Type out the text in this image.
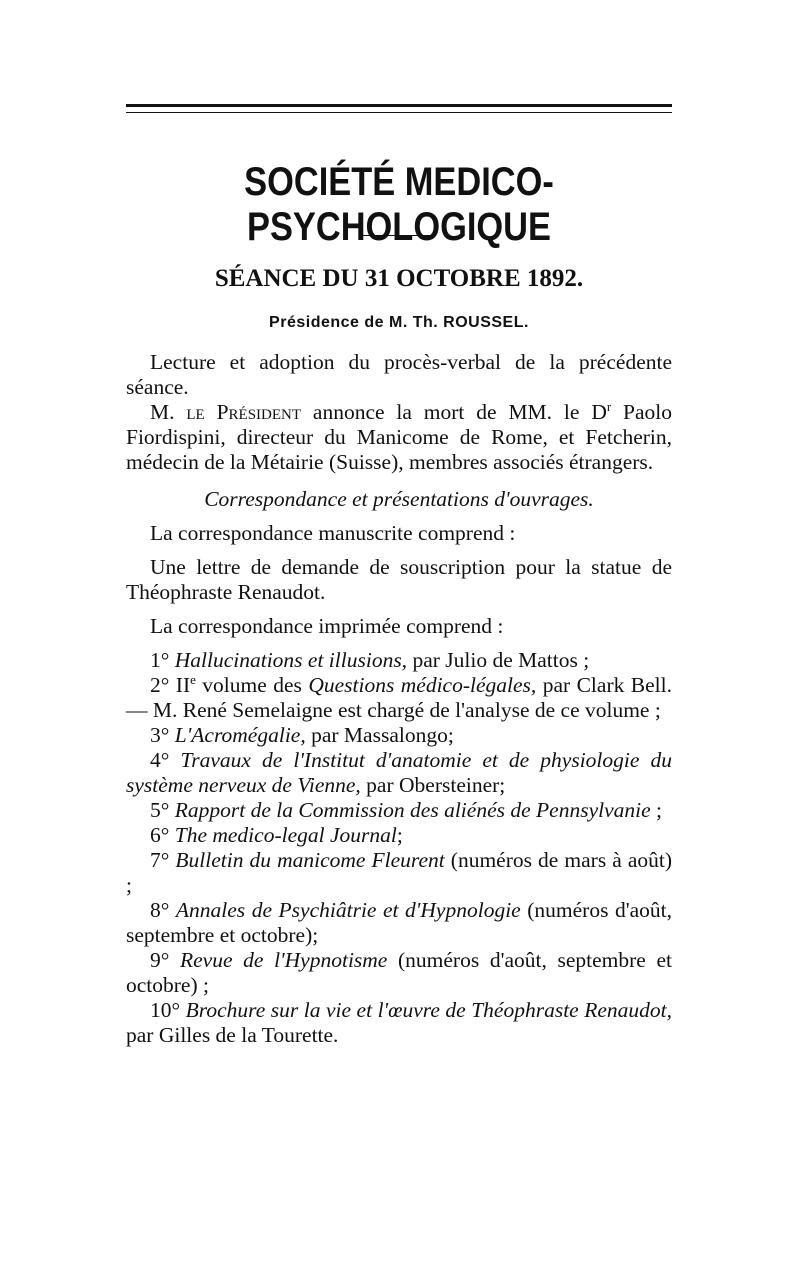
SOCIÉTÉ MEDICO-PSYCHOLOGIQUE
SÉANCE DU 31 OCTOBRE 1892.
Présidence de M. Th. ROUSSEL.

Lecture et adoption du procès-verbal de la précédente séance.

M. le Président annonce la mort de MM. le $D^r$ Paolo Fiordispini, directeur du Manicome de Rome, et Fetcherin, médecin de la Métairie (Suisse), membres associés étrangers.

Correspondance et présentations d'ouvrages.

La correspondance manuscrite comprend :

Une lettre de demande de souscription pour la statue de Théophraste Renaudot.

La correspondance imprimée comprend :

1° Hallucinations et illusions, par Julio de Mattos ;

2° IIe volume des Questions médico-légales, par Clark Bell. — M. René Semelaigne est chargé de l'analyse de ce volume ;

3° L'Acromégalie, par Massalongo;

4° Travaux de l'Institut d'anatomie et de physiologie du système nerveux de Vienne, par Obersteiner;

5° Rapport de la Commission des aliénés de Pennsylvanie ;

6° The medico-legal Journal;

7° Bulletin du manicome Fleurent (numéros de mars à août) ;

8° Annales de Psychiâtrie et d'Hypnologie (numéros d'août, septembre et octobre);

9° Revue de l'Hypnotisme (numéros d'août, septembre et octobre) ;

10° Brochure sur la vie et l'œuvre de Théophraste Renaudot, par Gilles de la Tourette.
